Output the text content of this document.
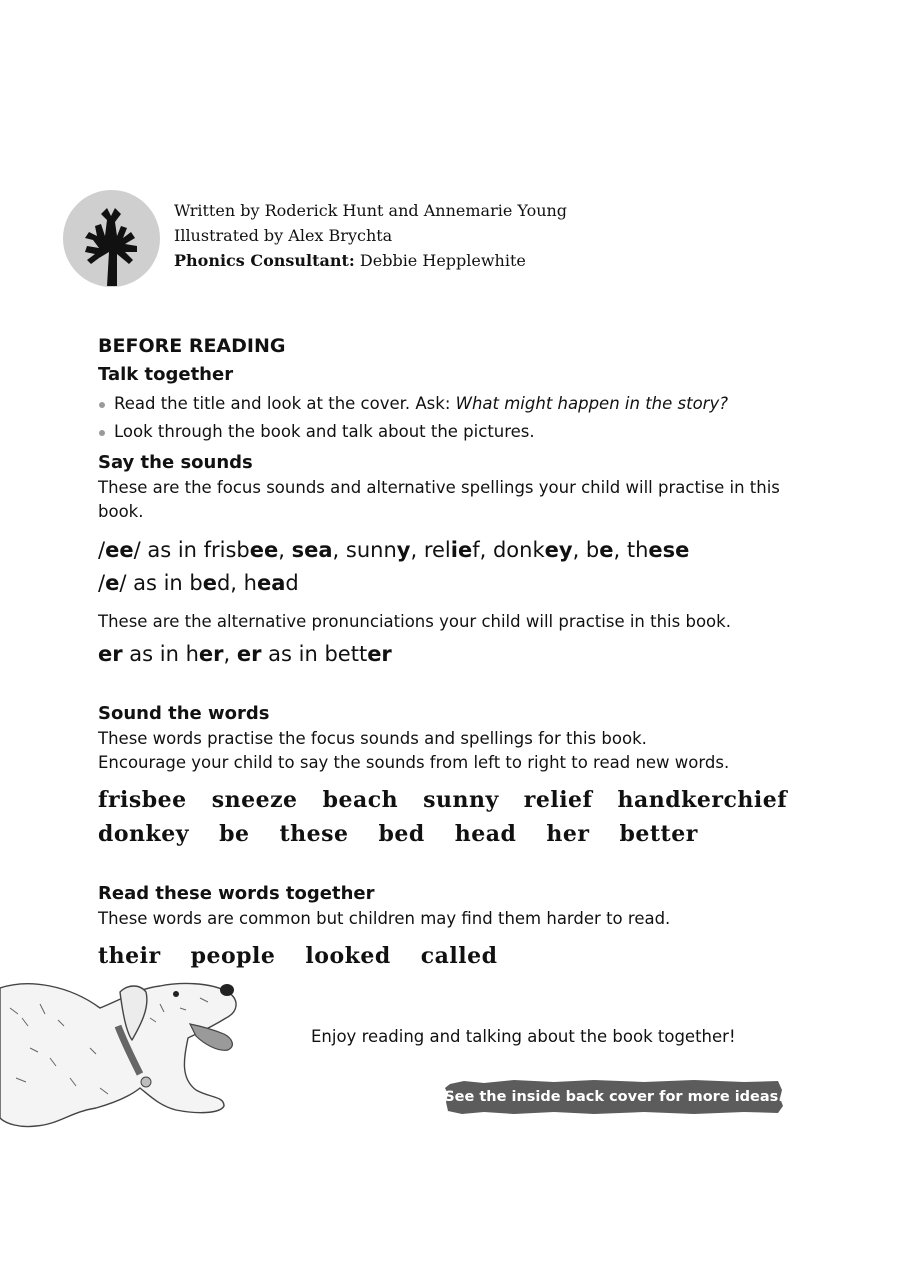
Written by Roderick Hunt and Annemarie Young
Illustrated by Alex Brychta
Phonics Consultant: Debbie Hepplewhite

BEFORE READING

Talk together

Read the title and look at the cover. Ask: What might happen in the story?
Look through the book and talk about the pictures.

Say the sounds

These are the focus sounds and alternative spellings your child will practise in this book.

/ee/ as in frisbee, sea, sunny, relief, donkey, be, these

/e/ as in bed, head

These are the alternative pronunciations your child will practise in this book.

er as in her, er as in better

Sound the words

These words practise the focus sounds and spellings for this book.

Encourage your child to say the sounds from left to right to read new words.

frisbee sneeze beach sunny relief handkerchief
donkey be these bed head her better

Read these words together

These words are common but children may find them harder to read.

their people looked called
Enjoy reading and talking about the book together!
See the inside back cover for more ideas.
